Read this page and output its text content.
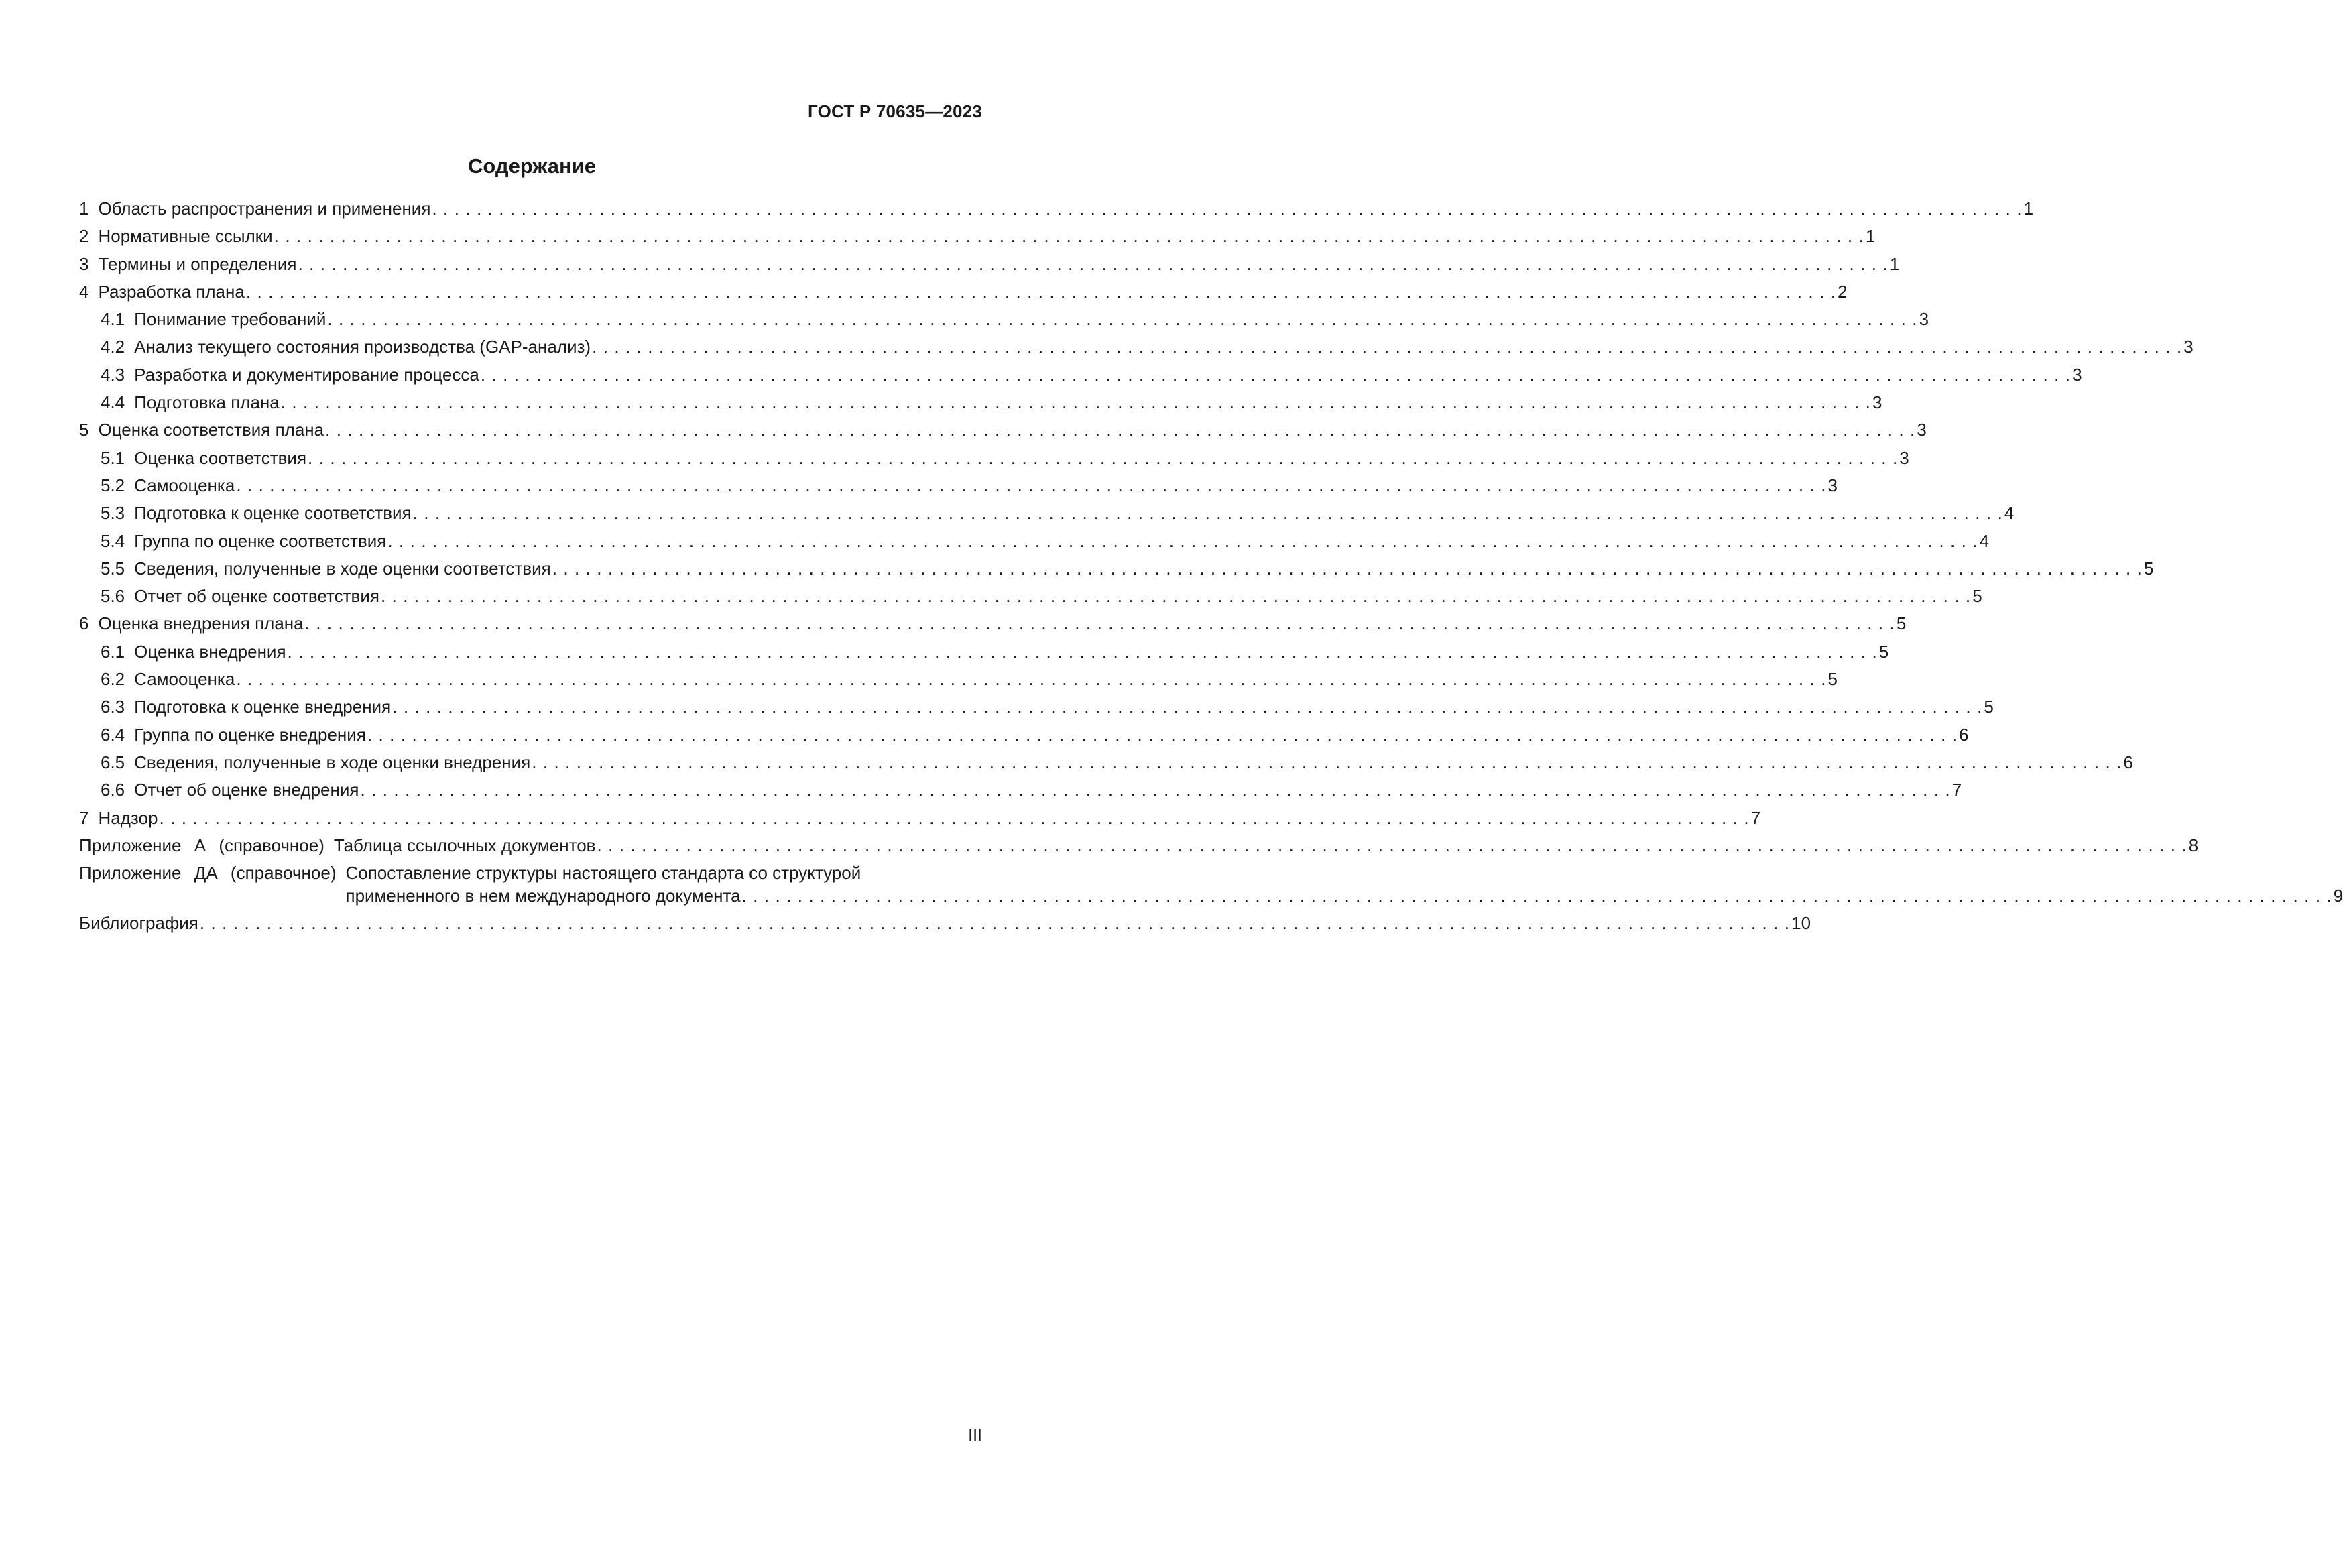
ГОСТ Р 70635—2023

Содержание
1 Область распространения и применения . . .	1
2 Нормативные ссылки . . .	1
3 Термины и определения . . .	1
4 Разработка плана . . .	2
4.1 Понимание требований . . .	3
4.2 Анализ текущего состояния производства (GAP-анализ) . . .	3
4.3 Разработка и документирование процесса . . .	3
4.4 Подготовка плана . . .	3
5 Оценка соответствия плана . . .	3
5.1 Оценка соответствия . . .	3
5.2 Самооценка . . .	3
5.3 Подготовка к оценке соответствия . . .	4
5.4 Группа по оценке соответствия . . .	4
5.5 Сведения, полученные в ходе оценки соответствия . . .	5
5.6 Отчет об оценке соответствия . . .	5
6 Оценка внедрения плана . . .	5
6.1 Оценка внедрения . . .	5
6.2 Самооценка . . .	5
6.3 Подготовка к оценке внедрения . . .	5
6.4 Группа по оценке внедрения . . .	6
6.5 Сведения, полученные в ходе оценки внедрения . . .	6
6.6 Отчет об оценке внедрения . . .	7
7 Надзор . . .	7
Приложение А (справочное) Таблица ссылочных документов . . .	8
Приложение ДА (справочное) Сопоставление структуры настоящего стандарта со структурой
примененного в нем международного документа . . .	9
Библиография . . .	10

III
